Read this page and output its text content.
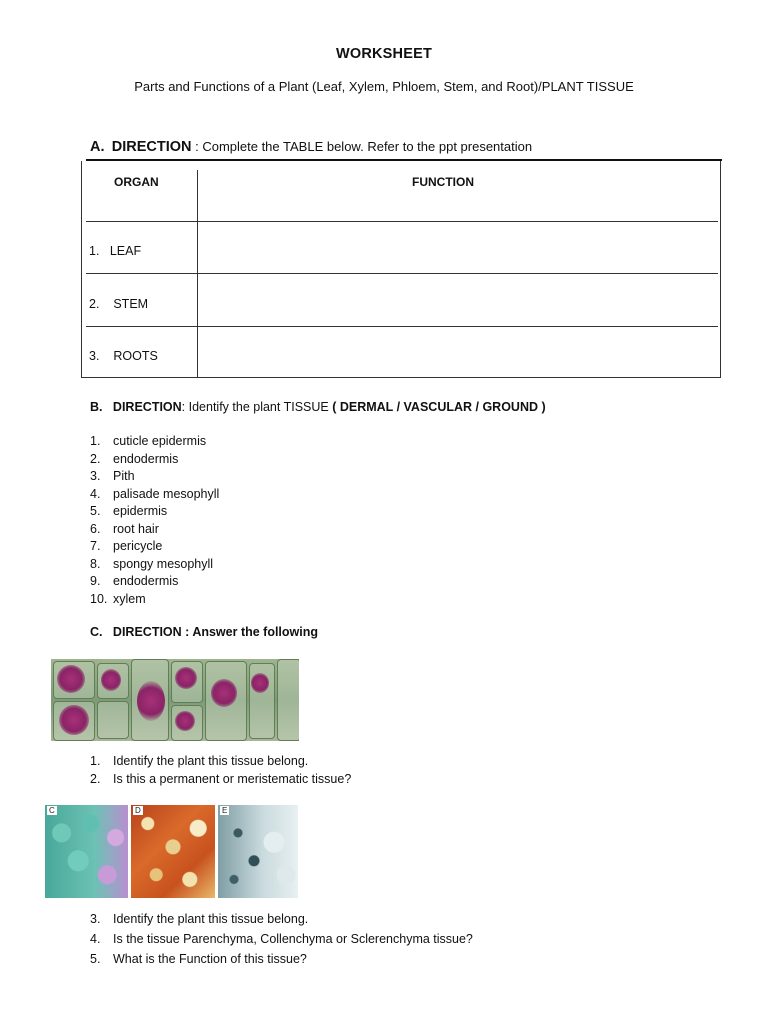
WORKSHEET
Parts and Functions of a Plant (Leaf, Xylem, Phloem, Stem, and Root)/PLANT TISSUE
A. DIRECTION : Complete the TABLE below. Refer to the ppt presentation
ORGAN	FUNCTION
1. LEAF
2. STEM
3. ROOTS
B. DIRECTION: Identify the plant TISSUE ( DERMAL / VASCULAR / GROUND )
1. cuticle epidermis
2. endodermis
3. Pith
4. palisade mesophyll
5. epidermis
6. root hair
7. pericycle
8. spongy mesophyll
9. endodermis
10. xylem
C. DIRECTION : Answer the following
1. Identify the plant this tissue belong.
2. Is this a permanent or meristematic tissue?
C	D	E
3. Identify the plant this tissue belong.
4. Is the tissue Parenchyma, Collenchyma or Sclerenchyma tissue?
5. What is the Function of this tissue?
